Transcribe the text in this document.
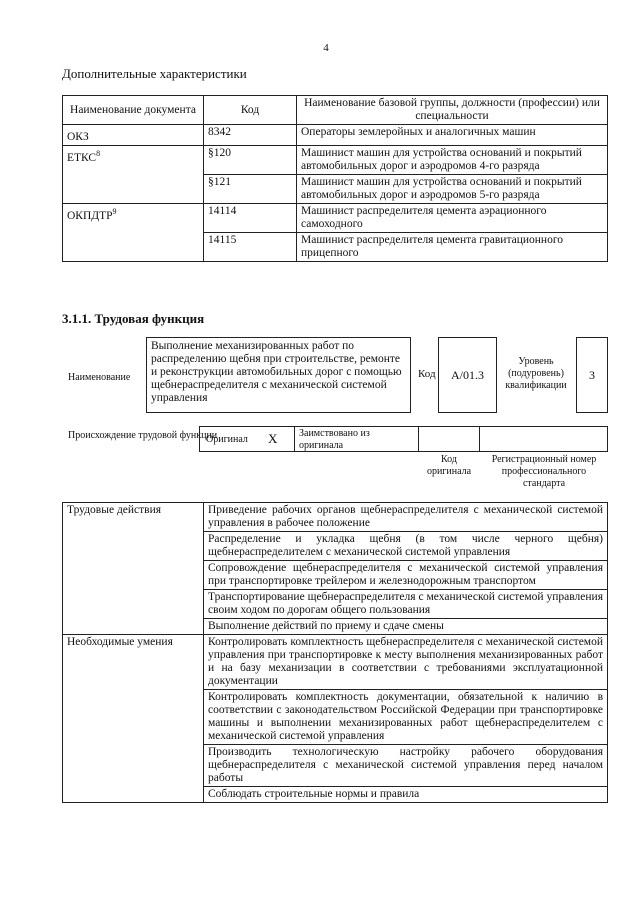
4
Дополнительные характеристики
Наименование документа	Код	Наименование базовой группы, должности (профессии) или специальности
ОКЗ	8342	Операторы землеройных и аналогичных машин
ЕТКС$^8$	§120	Машинист машин для устройства оснований и покрытий автомобильных дорог и аэродромов 4-го разряда
	§121	Машинист машин для устройства оснований и покрытий автомобильных дорог и аэродромов 5-го разряда
ОКПДТР$^9$	14114	Машинист распределителя цемента аэрационного самоходного
	14115	Машинист распределителя цемента гравитационного прицепного
3.1.1. Трудовая функция
Наименование
Выполнение механизированных работ по распределению щебня при строительстве, ремонте и реконструкции автомобильных дорог с помощью щебнераспределителя с механической системой управления
Код	А/01.3
Уровень (подуровень) квалификации
3
Происхождение трудовой функции
Оригинал X	Заимствовано из оригинала
Код оригинала
Регистрационный номер профессионального стандарта
Трудовые действия	Приведение рабочих органов щебнераспределителя с механической системой управления в рабочее положение
	Распределение и укладка щебня (в том числе черного щебня) щебнераспределителем с механической системой управления
	Сопровождение щебнераспределителя с механической системой управления при транспортировке трейлером и железнодорожным транспортом
	Транспортирование щебнераспределителя с механической системой управления своим ходом по дорогам общего пользования
	Выполнение действий по приему и сдаче смены
Необходимые умения	Контролировать комплектность щебнераспределителя с механической системой управления при транспортировке к месту выполнения механизированных работ и на базу механизации в соответствии с требованиями эксплуатационной документации
	Контролировать комплектность документации, обязательной к наличию в соответствии с законодательством Российской Федерации при транспортировке машины и выполнении механизированных работ щебнераспределителем с механической системой управления
	Производить технологическую настройку рабочего оборудования щебнераспределителя с механической системой управления перед началом работы
	Соблюдать строительные нормы и правила
